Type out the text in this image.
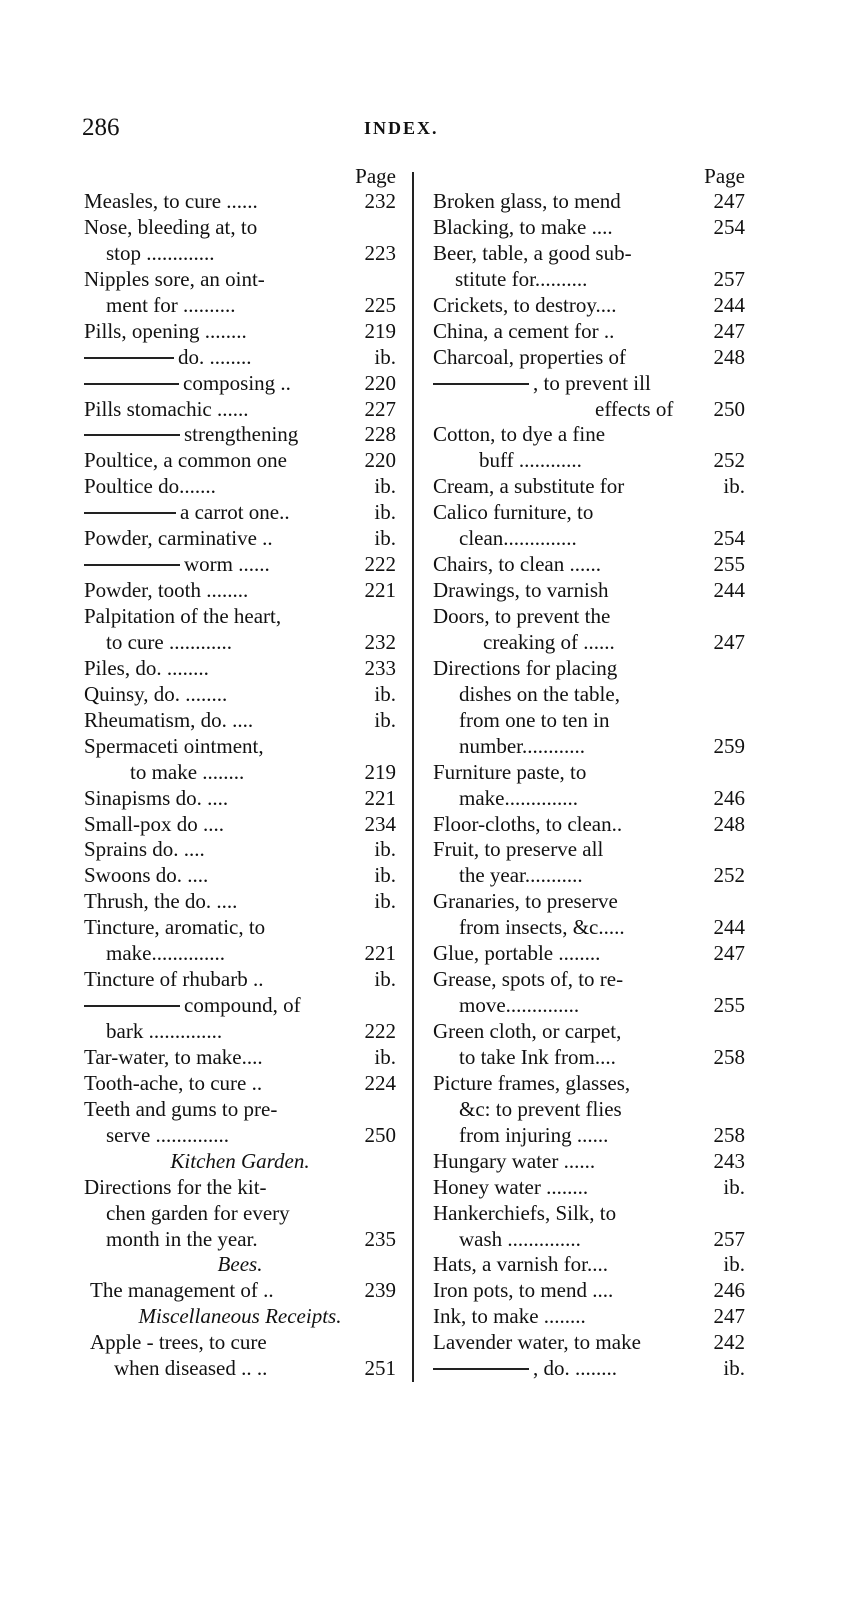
286	INDEX.
Page
Measles, to cure ......	232
Nose, bleeding at, to
stop .............	223
Nipples sore, an oint-
ment for ..........	225
Pills, opening ........	219
do. ........	ib.
composing ..	220
Pills stomachic ......	227
strengthening	228
Poultice, a common one	220
Poultice do.......	ib.
a carrot one..	ib.
Powder, carminative ..	ib.
worm ......	222
Powder, tooth ........	221
Palpitation of the heart,
to cure ............	232
Piles, do. ........	233
Quinsy, do. ........	ib.
Rheumatism, do. ....	ib.
Spermaceti ointment,
to make ........	219
Sinapisms do. ....	221
Small-pox do ....	234
Sprains do. ....	ib.
Swoons do. ....	ib.
Thrush, the do. ....	ib.
Tincture, aromatic, to
make..............	221
Tincture of rhubarb ..	ib.
compound, of
bark ..............	222
Tar-water, to make....	ib.
Tooth-ache, to cure ..	224
Teeth and gums to pre-
serve ..............	250
Kitchen Garden.
Directions for the kit-
chen garden for every
month in the year.	235
Bees.
The management of ..	239
Miscellaneous Receipts.
Apple - trees, to cure
when diseased .. ..	251
Page
Broken glass, to mend	247
Blacking, to make ....	254
Beer, table, a good sub-
stitute for..........	257
Crickets, to destroy....	244
China, a cement for ..	247
Charcoal, properties of	248
, to prevent ill
effects of 250
Cotton, to dye a fine
buff ............	252
Cream, a substitute for	ib.
Calico furniture, to
clean..............	254
Chairs, to clean ......	255
Drawings, to varnish	244
Doors, to prevent the
creaking of ......	247
Directions for placing
dishes on the table,
from one to ten in
number............	259
Furniture paste, to
make..............	246
Floor-cloths, to clean..	248
Fruit, to preserve all
the year...........	252
Granaries, to preserve
from insects, &c.....	244
Glue, portable ........	247
Grease, spots of, to re-
move..............	255
Green cloth, or carpet,
to take Ink from....	258
Picture frames, glasses,
&c: to prevent flies
from injuring ......	258
Hungary water ......	243
Honey water ........	ib.
Hankerchiefs, Silk, to
wash ..............	257
Hats, a varnish for....	ib.
Iron pots, to mend ....	246
Ink, to make ........	247
Lavender water, to make	242
, do. ........	ib.
